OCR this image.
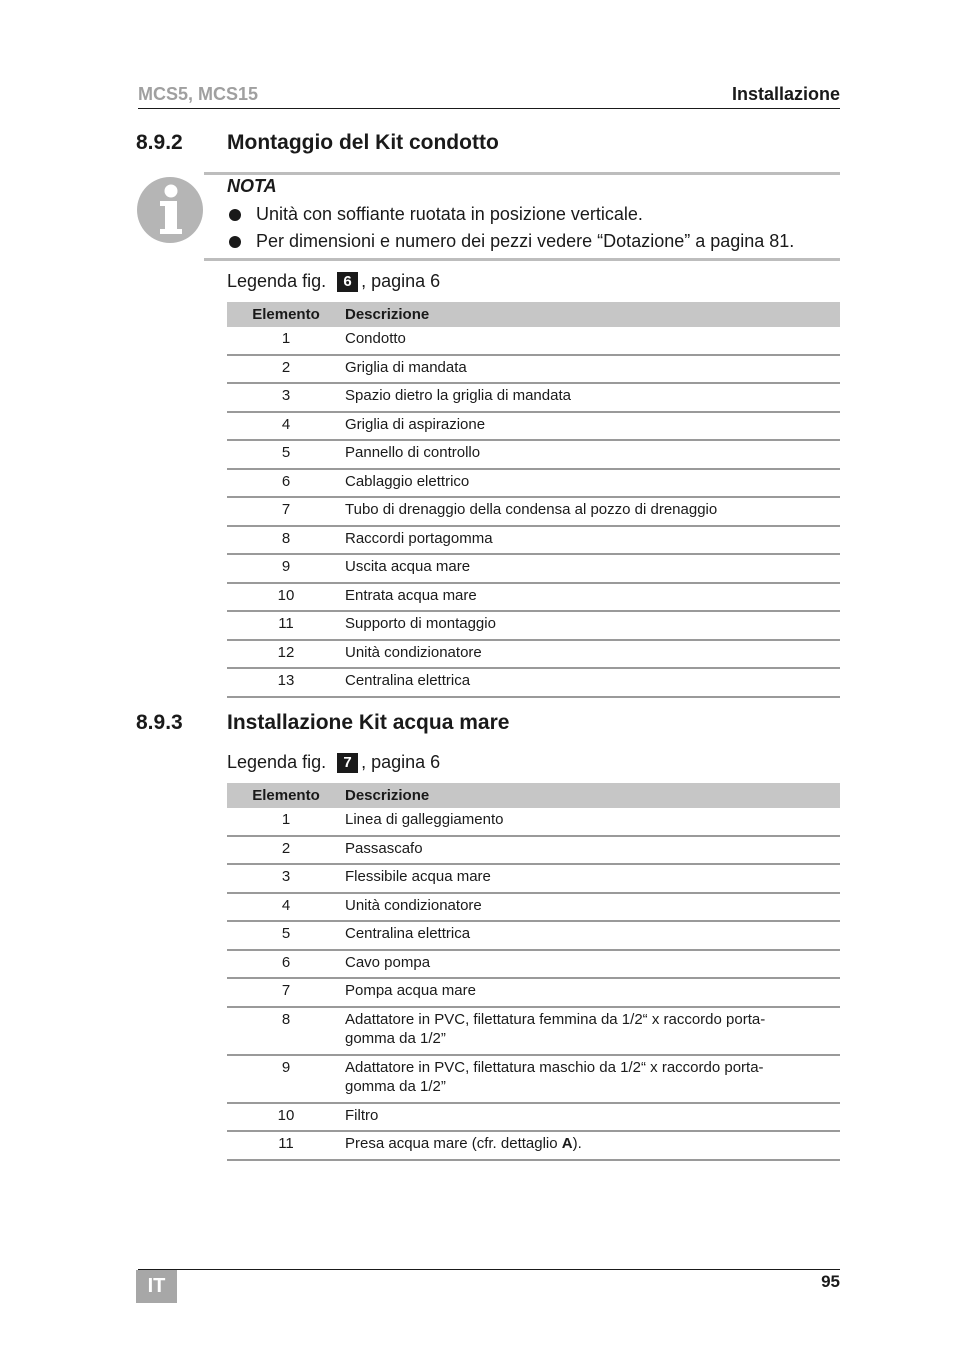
MCS5, MCS15	Installazione
8.9.2 Montaggio del Kit condotto
NOTA
Unità con soffiante ruotata in posizione verticale.
Per dimensioni e numero dei pezzi vedere “Dotazione” a pagina 81.
Legenda fig. 6 , pagina 6
Elemento	Descrizione
1	Condotto
2	Griglia di mandata
3	Spazio dietro la griglia di mandata
4	Griglia di aspirazione
5	Pannello di controllo
6	Cablaggio elettrico
7	Tubo di drenaggio della condensa al pozzo di drenaggio
8	Raccordi portagomma
9	Uscita acqua mare
10	Entrata acqua mare
11	Supporto di montaggio
12	Unità condizionatore
13	Centralina elettrica
8.9.3 Installazione Kit acqua mare
Legenda fig. 7 , pagina 6
Elemento	Descrizione
1	Linea di galleggiamento
2	Passascafo
3	Flessibile acqua mare
4	Unità condizionatore
5	Centralina elettrica
6	Cavo pompa
7	Pompa acqua mare
8	Adattatore in PVC, filettatura femmina da 1/2“ x raccordo porta-gomma da 1/2”
9	Adattatore in PVC, filettatura maschio da 1/2“ x raccordo porta-gomma da 1/2”
10	Filtro
11	Presa acqua mare (cfr. dettaglio A).
IT	95
